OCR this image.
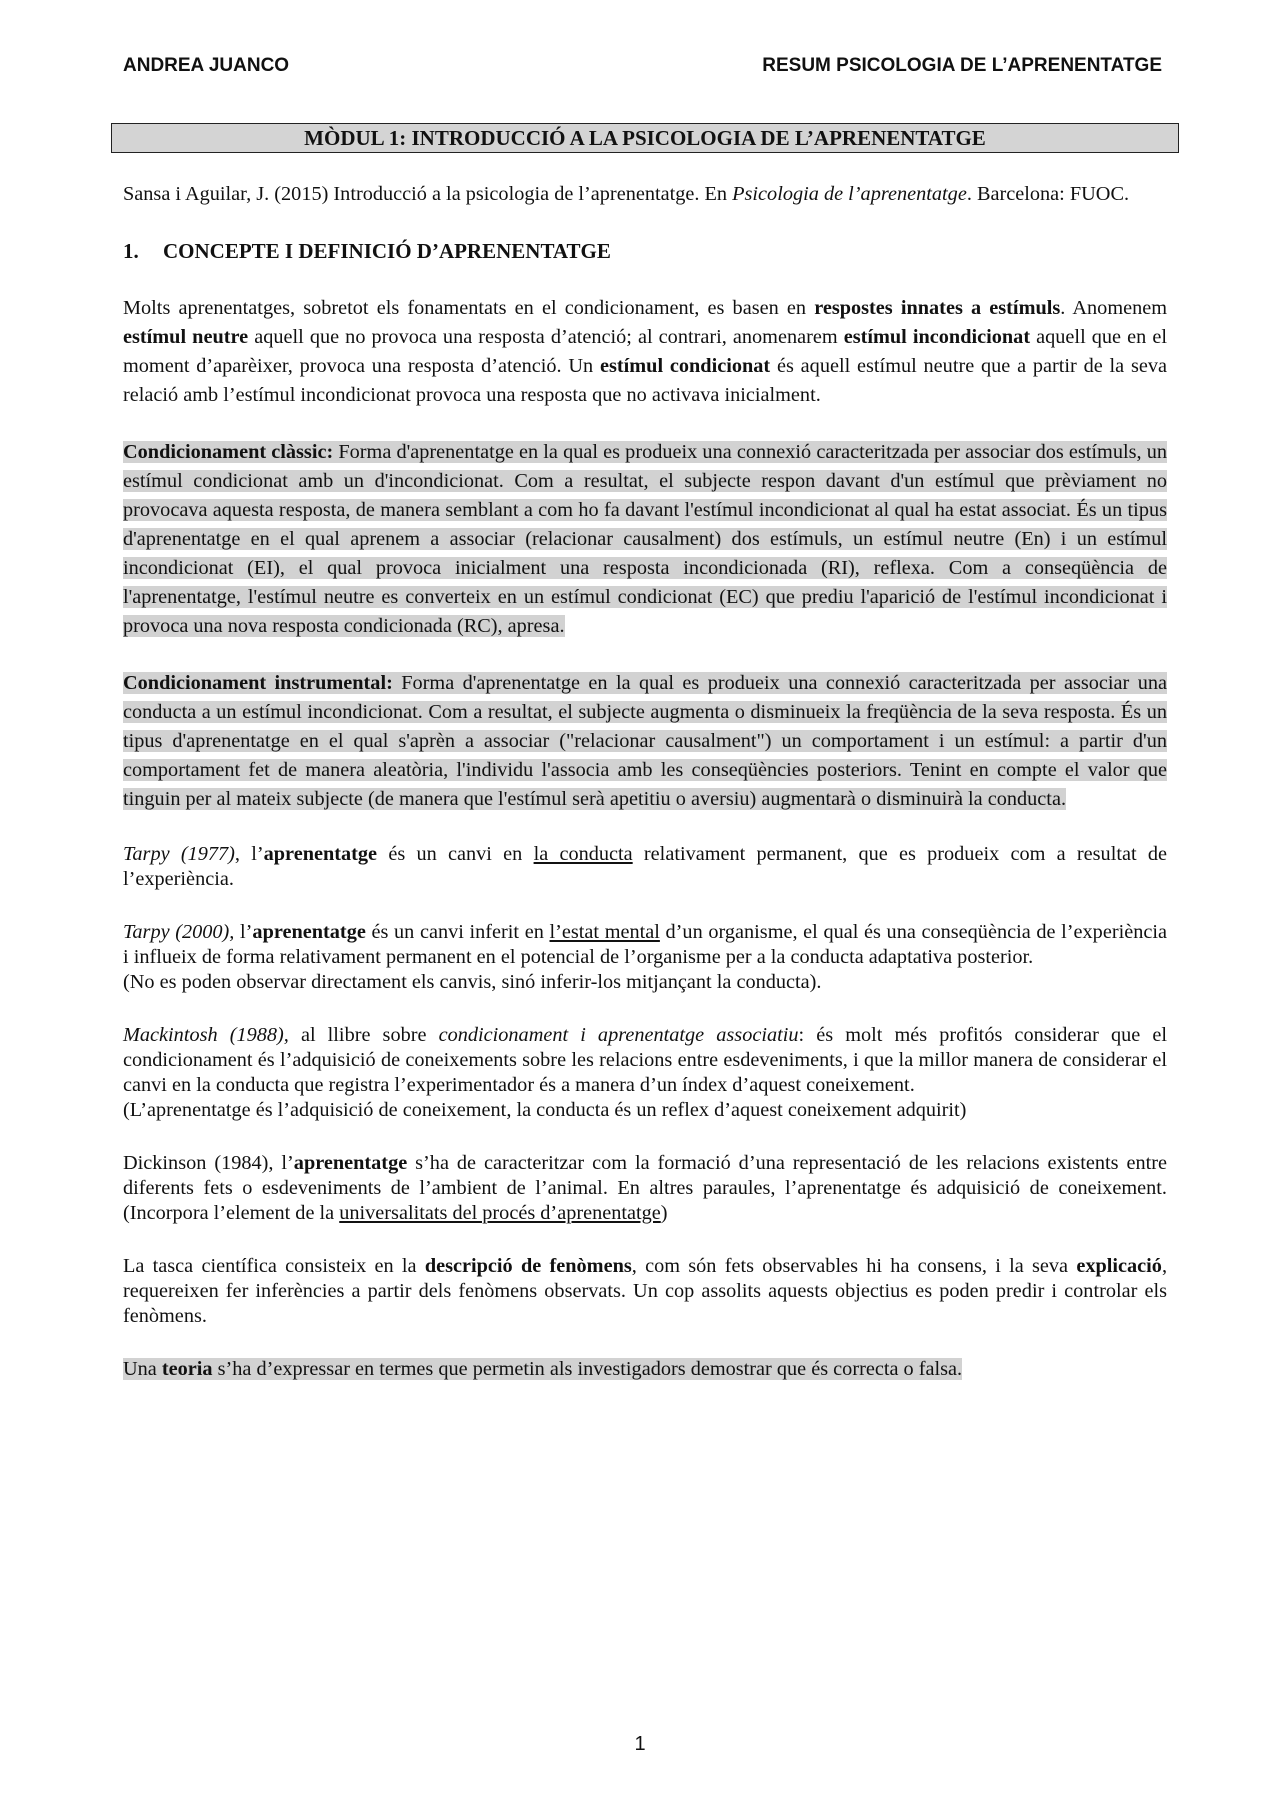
ANDREA JUANCO	RESUM PSICOLOGIA DE L’APRENENTATGE
MÒDUL 1: INTRODUCCIÓ A LA PSICOLOGIA DE L’APRENENTATGE

Sansa i Aguilar, J. (2015) Introducció a la psicologia de l’aprenentatge. En Psicologia de l’aprenentatge. Barcelona: FUOC.

1. CONCEPTE I DEFINICIÓ D’APRENENTATGE

Molts aprenentatges, sobretot els fonamentats en el condicionament, es basen en respostes innates a estímuls. Anomenem estímul neutre aquell que no provoca una resposta d’atenció; al contrari, anomenarem estímul incondicionat aquell que en el moment d’aparèixer, provoca una resposta d’atenció. Un estímul condicionat és aquell estímul neutre que a partir de la seva relació amb l’estímul incondicionat provoca una resposta que no activava inicialment.

Condicionament clàssic: Forma d'aprenentatge en la qual es produeix una connexió caracteritzada per associar dos estímuls, un estímul condicionat amb un d'incondicionat. Com a resultat, el subjecte respon davant d'un estímul que prèviament no provocava aquesta resposta, de manera semblant a com ho fa davant l'estímul incondicionat al qual ha estat associat. És un tipus d'aprenentatge en el qual aprenem a associar (relacionar causalment) dos estímuls, un estímul neutre (En) i un estímul incondicionat (EI), el qual provoca inicialment una resposta incondicionada (RI), reflexa. Com a conseqüència de l'aprenentatge, l'estímul neutre es converteix en un estímul condicionat (EC) que prediu l'aparició de l'estímul incondicionat i provoca una nova resposta condicionada (RC), apresa.

Condicionament instrumental: Forma d'aprenentatge en la qual es produeix una connexió caracteritzada per associar una conducta a un estímul incondicionat. Com a resultat, el subjecte augmenta o disminueix la freqüència de la seva resposta. És un tipus d'aprenentatge en el qual s'aprèn a associar ("relacionar causalment") un comportament i un estímul: a partir d'un comportament fet de manera aleatòria, l'individu l'associa amb les conseqüències posteriors. Tenint en compte el valor que tinguin per al mateix subjecte (de manera que l'estímul serà apetitiu o aversiu) augmentarà o disminuirà la conducta.

Tarpy (1977), l’aprenentatge és un canvi en la conducta relativament permanent, que es produeix com a resultat de l’experiència.

Tarpy (2000), l’aprenentatge és un canvi inferit en l’estat mental d’un organisme, el qual és una conseqüència de l’experiència i influeix de forma relativament permanent en el potencial de l’organisme per a la conducta adaptativa posterior.

(No es poden observar directament els canvis, sinó inferir-los mitjançant la conducta).

Mackintosh (1988), al llibre sobre condicionament i aprenentatge associatiu: és molt més profitós considerar que el condicionament és l’adquisició de coneixements sobre les relacions entre esdeveniments, i que la millor manera de considerar el canvi en la conducta que registra l’experimentador és a manera d’un índex d’aquest coneixement.

(L’aprenentatge és l’adquisició de coneixement, la conducta és un reflex d’aquest coneixement adquirit)

Dickinson (1984), l’aprenentatge s’ha de caracteritzar com la formació d’una representació de les relacions existents entre diferents fets o esdeveniments de l’ambient de l’animal. En altres paraules, l’aprenentatge és adquisició de coneixement. (Incorpora l’element de la universalitats del procés d’aprenentatge)

La tasca científica consisteix en la descripció de fenòmens, com són fets observables hi ha consens, i la seva explicació, requereixen fer inferències a partir dels fenòmens observats. Un cop assolits aquests objectius es poden predir i controlar els fenòmens.

Una teoria s’ha d’expressar en termes que permetin als investigadors demostrar que és correcta o falsa.

1
